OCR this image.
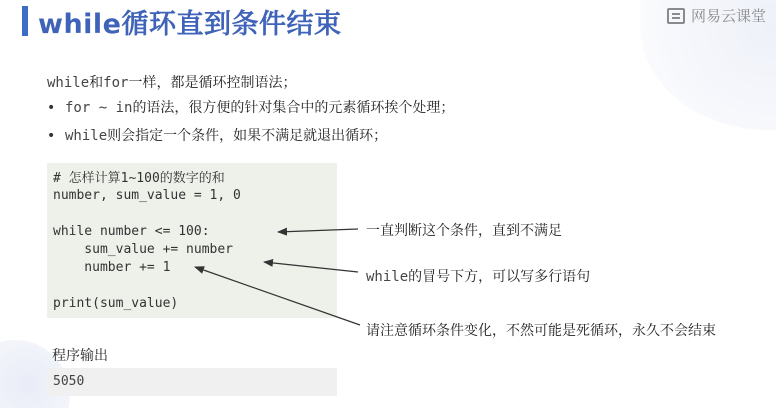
while循环直到条件结束	网易云课堂
while和for一样，都是循环控制语法；
• for ~ in的语法，很方便的针对集合中的元素循环挨个处理；
• while则会指定一个条件，如果不满足就退出循环；
# 怎样计算1~100的数字的和
number, sum_value = 1, 0
while number <= 100:
sum_value += number
number += 1
print(sum_value)
程序输出
5050
一直判断这个条件，直到不满足
while的冒号下方，可以写多行语句
请注意循环条件变化，不然可能是死循环，永久不会结束
